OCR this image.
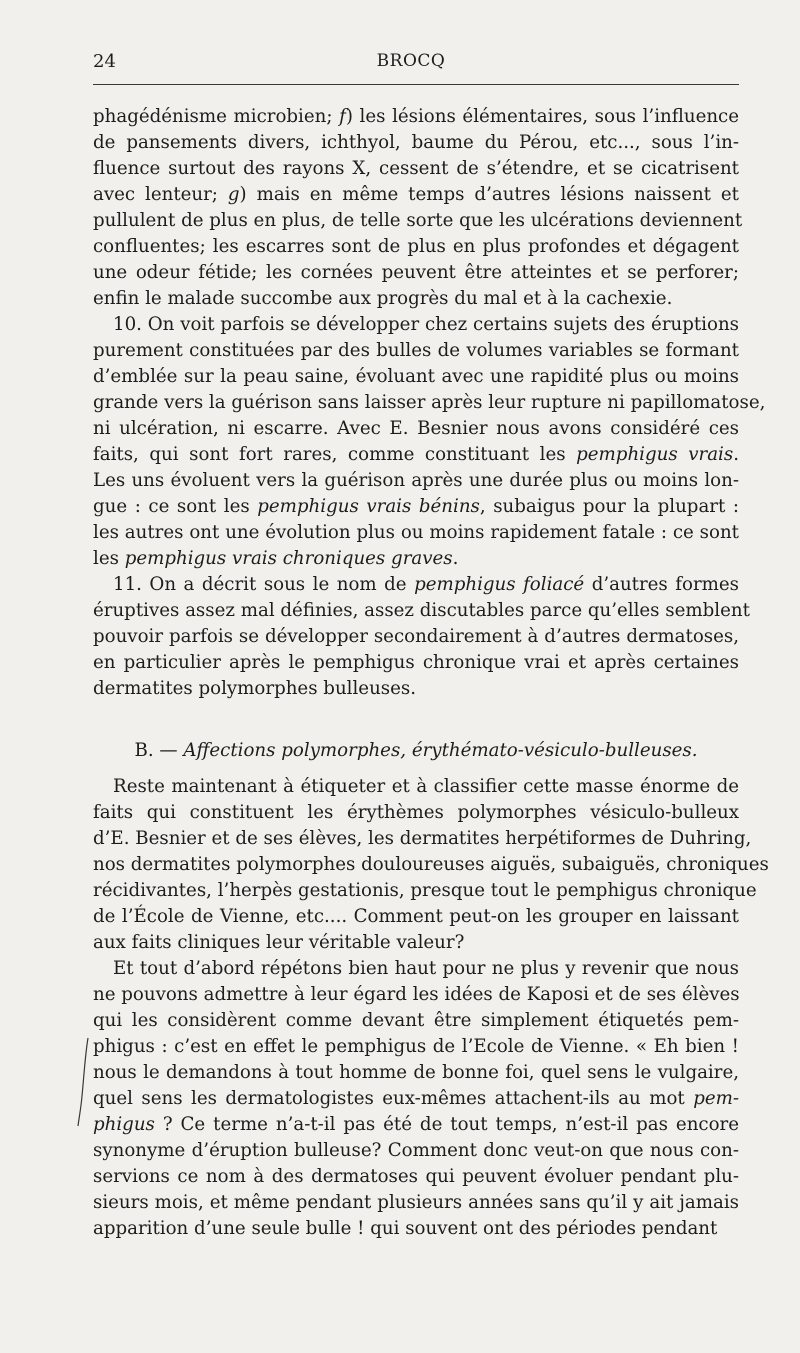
24	BROCQ
phagédénisme microbien; f) les lésions élémentaires, sous l’influence
de pansements divers, ichthyol, baume du Pérou, etc..., sous l’in-
fluence surtout des rayons X, cessent de s’étendre, et se cicatrisent
avec lenteur; g) mais en même temps d’autres lésions naissent et
pullulent de plus en plus, de telle sorte que les ulcérations deviennent
confluentes; les escarres sont de plus en plus profondes et dégagent
une odeur fétide; les cornées peuvent être atteintes et se perforer;
enfin le malade succombe aux progrès du mal et à la cachexie.
10. On voit parfois se développer chez certains sujets des éruptions
purement constituées par des bulles de volumes variables se formant
d’emblée sur la peau saine, évoluant avec une rapidité plus ou moins
grande vers la guérison sans laisser après leur rupture ni papillomatose,
ni ulcération, ni escarre. Avec E. Besnier nous avons considéré ces
faits, qui sont fort rares, comme constituant les pemphigus vrais.
Les uns évoluent vers la guérison après une durée plus ou moins lon-
gue : ce sont les pemphigus vrais bénins, subaigus pour la plupart :
les autres ont une évolution plus ou moins rapidement fatale : ce sont
les pemphigus vrais chroniques graves.
11. On a décrit sous le nom de pemphigus foliacé d’autres formes
éruptives assez mal définies, assez discutables parce qu’elles semblent
pouvoir parfois se développer secondairement à d’autres dermatoses,
en particulier après le pemphigus chronique vrai et après certaines
dermatites polymorphes bulleuses.
B. — Affections polymorphes, érythémato-vésiculo-bulleuses.
Reste maintenant à étiqueter et à classifier cette masse énorme de
faits qui constituent les érythèmes polymorphes vésiculo-bulleux
d’E. Besnier et de ses élèves, les dermatites herpétiformes de Duhring,
nos dermatites polymorphes douloureuses aiguës, subaiguës, chroniques
récidivantes, l’herpès gestationis, presque tout le pemphigus chronique
de l’École de Vienne, etc.... Comment peut-on les grouper en laissant
aux faits cliniques leur véritable valeur?
Et tout d’abord répétons bien haut pour ne plus y revenir que nous
ne pouvons admettre à leur égard les idées de Kaposi et de ses élèves
qui les considèrent comme devant être simplement étiquetés pem-
phigus : c’est en effet le pemphigus de l’Ecole de Vienne. « Eh bien !
nous le demandons à tout homme de bonne foi, quel sens le vulgaire,
quel sens les dermatologistes eux-mêmes attachent-ils au mot pem-
phigus ? Ce terme n’a-t-il pas été de tout temps, n’est-il pas encore
synonyme d’éruption bulleuse? Comment donc veut-on que nous con-
servions ce nom à des dermatoses qui peuvent évoluer pendant plu-
sieurs mois, et même pendant plusieurs années sans qu’il y ait jamais
apparition d’une seule bulle ! qui souvent ont des périodes pendant
